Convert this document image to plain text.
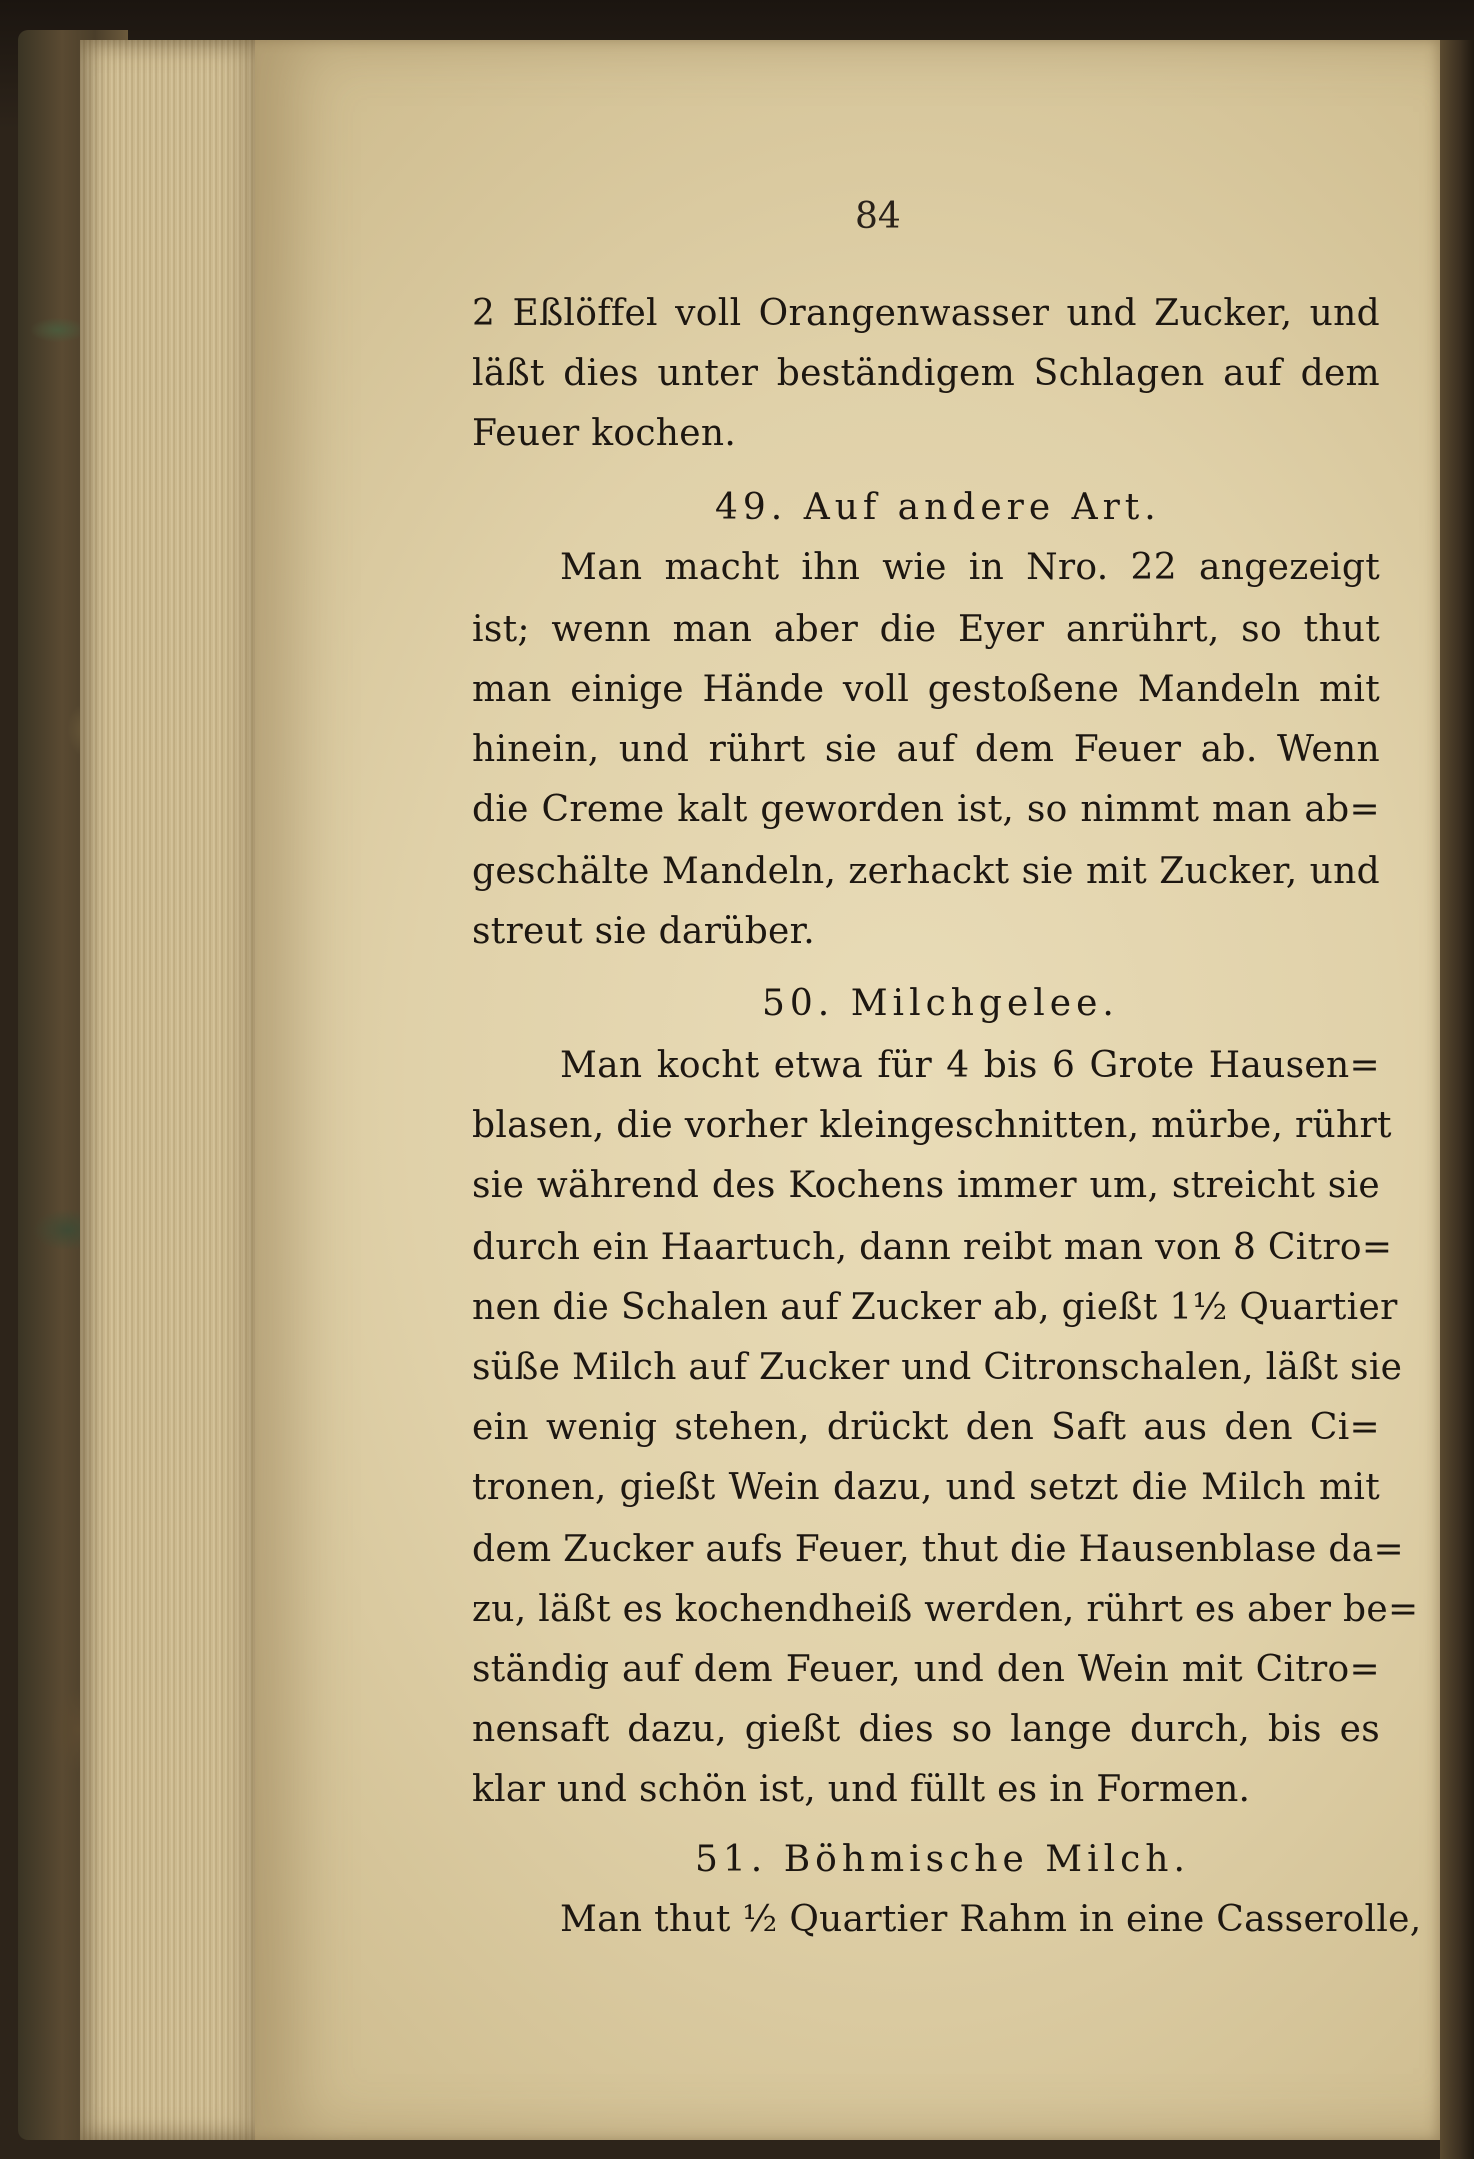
84
2 Eßlöffel voll Orangenwasser und Zucker, und
läßt dies unter beständigem Schlagen auf dem
Feuer kochen.
49. Auf andere Art.
Man macht ihn wie in Nro. 22 angezeigt
ist; wenn man aber die Eyer anrührt, so thut
man einige Hände voll gestoßene Mandeln mit
hinein, und rührt sie auf dem Feuer ab. Wenn
die Creme kalt geworden ist, so nimmt man ab=
geschälte Mandeln, zerhackt sie mit Zucker, und
streut sie darüber.
50. Milchgelee.
Man kocht etwa für 4 bis 6 Grote Hausen=
blasen, die vorher kleingeschnitten, mürbe, rührt
sie während des Kochens immer um, streicht sie
durch ein Haartuch, dann reibt man von 8 Citro=
nen die Schalen auf Zucker ab, gießt 1½ Quartier
süße Milch auf Zucker und Citronschalen, läßt sie
ein wenig stehen, drückt den Saft aus den Ci=
tronen, gießt Wein dazu, und setzt die Milch mit
dem Zucker aufs Feuer, thut die Hausenblase da=
zu, läßt es kochendheiß werden, rührt es aber be=
ständig auf dem Feuer, und den Wein mit Citro=
nensaft dazu, gießt dies so lange durch, bis es
klar und schön ist, und füllt es in Formen.
51. Böhmische Milch.
Man thut ½ Quartier Rahm in eine Casserolle,
